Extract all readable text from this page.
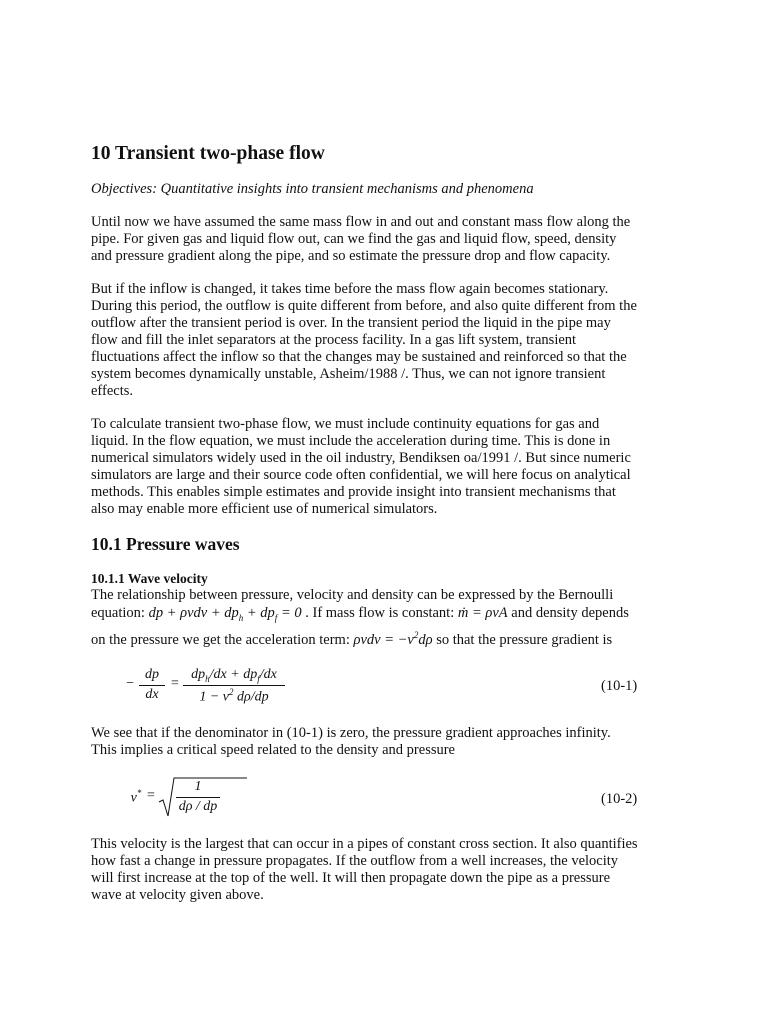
10 Transient two-phase flow
Objectives: Quantitative insights into transient mechanisms and phenomena
Until now we have assumed the same mass flow in and out and constant mass flow along the
pipe. For given gas and liquid flow out, can we find the gas and liquid flow, speed, density
and pressure gradient along the pipe, and so estimate the pressure drop and flow capacity.
But if the inflow is changed, it takes time before the mass flow again becomes stationary.
During this period, the outflow is quite different from before, and also quite different from the
outflow after the transient period is over. In the transient period the liquid in the pipe may
flow and fill the inlet separators at the process facility. In a gas lift system, transient
fluctuations affect the inflow so that the changes may be sustained and reinforced so that the
system becomes dynamically unstable, Asheim/1988 /. Thus, we can not ignore transient
effects.
To calculate transient two-phase flow, we must include continuity equations for gas and
liquid. In the flow equation, we must include the acceleration during time. This is done in
numerical simulators widely used in the oil industry, Bendiksen oa/1991 /. But since numeric
simulators are large and their source code often confidential, we will here focus on analytical
methods. This enables simple estimates and provide insight into transient mechanisms that
also may enable more efficient use of numerical simulators.
10.1 Pressure waves
10.1.1 Wave velocity
The relationship between pressure, velocity and density can be expressed by the Bernoulli
equation: dp + $\rho vdv + dp_h + dp_f = 0$ . If mass flow is constant: ṁ = ρvA and density depends
on the pressure we get the acceleration term: $\rho vdv = -v^2d\rho$ so that the pressure gradient is
−
dp
dx
=
$dp_h/dx + dp_f/dx$
$1 - v^2$ dρ/dp
(10-1)
We see that if the denominator in (10-1) is zero, the pressure gradient approaches infinity.
This implies a critical speed related to the density and pressure
v* =
1
dρ / dp	(10-2)
This velocity is the largest that can occur in a pipes of constant cross section. It also quantifies
how fast a change in pressure propagates. If the outflow from a well increases, the velocity
will first increase at the top of the well. It will then propagate down the pipe as a pressure
wave at velocity given above.
